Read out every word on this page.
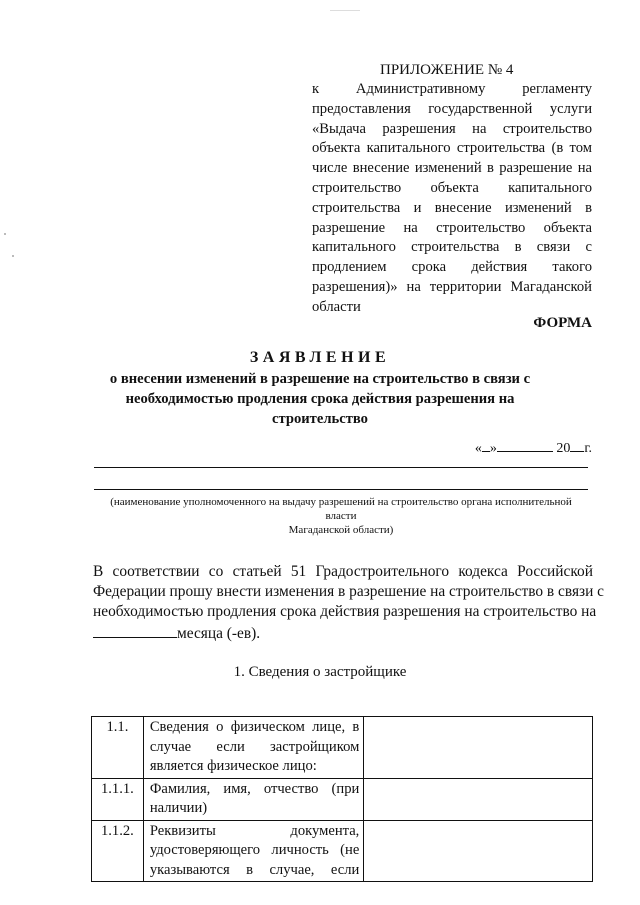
ПРИЛОЖЕНИЕ № 4
к Административному регламенту
предоставления государственной услуги
«Выдача разрешения на строительство
объекта капитального строительства (в том
числе внесение изменений в разрешение на
строительство объекта капитального
строительства и внесение изменений в
разрешение на строительство объекта
капитального строительства в связи с
продлением срока действия такого
разрешения)» на территории Магаданской
области
ФОРМА
ЗАЯВЛЕНИЕ
о внесении изменений в разрешение на строительство в связи с
необходимостью продления срока действия разрешения на
строительство
« »	20 г.
(наименование уполномоченного на выдачу разрешений на строительство органа исполнительной власти
Магаданской области)
В соответствии со статьей 51 Градостроительного кодекса Российской
Федерации прошу внести изменения в разрешение на строительство в связи с
необходимостью продления срока действия разрешения на строительство на
месяца (-ев).
1. Сведения о застройщике
1.1.	Сведения о физическом лице, в
случае если застройщиком
является физическое лицо:	

1.1.1.	Фамилия, имя, отчество (при
наличии)	

1.1.2.	Реквизиты документа,
удостоверяющего личность (не
указываются в случае, если	
